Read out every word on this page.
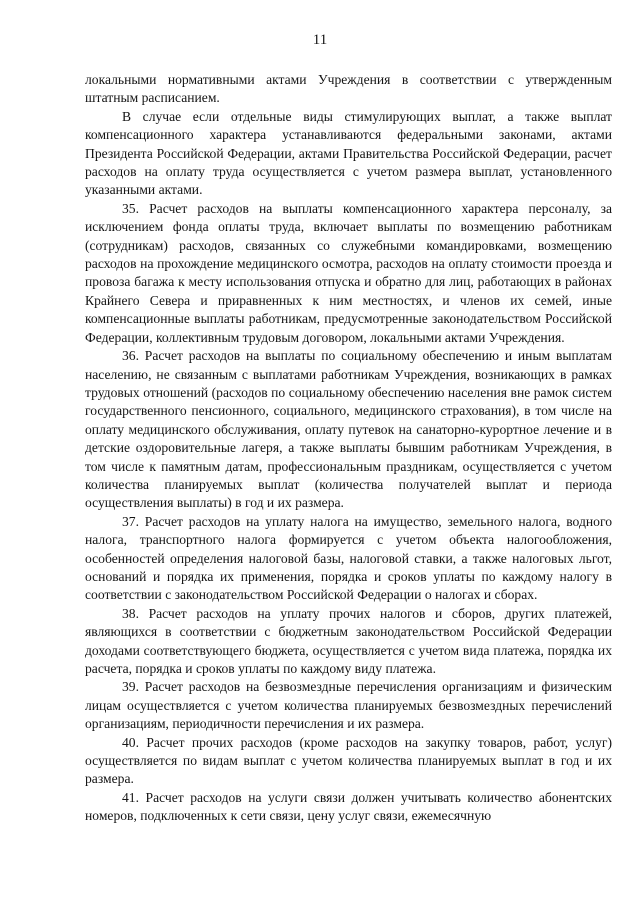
11

локальными нормативными актами Учреждения в соответствии с утвержденным штатным расписанием.

В случае если отдельные виды стимулирующих выплат, а также выплат компенсационного характера устанавливаются федеральными законами, актами Президента Российской Федерации, актами Правительства Российской Федерации, расчет расходов на оплату труда осуществляется с учетом размера выплат, установленного указанными актами.

35. Расчет расходов на выплаты компенсационного характера персоналу, за исключением фонда оплаты труда, включает выплаты по возмещению работникам (сотрудникам) расходов, связанных со служебными командировками, возмещению расходов на прохождение медицинского осмотра, расходов на оплату стоимости проезда и провоза багажа к месту использования отпуска и обратно для лиц, работающих в районах Крайнего Севера и приравненных к ним местностях, и членов их семей, иные компенсационные выплаты работникам, предусмотренные законодательством Российской Федерации, коллективным трудовым договором, локальными актами Учреждения.

36. Расчет расходов на выплаты по социальному обеспечению и иным выплатам населению, не связанным с выплатами работникам Учреждения, возникающих в рамках трудовых отношений (расходов по социальному обеспечению населения вне рамок систем государственного пенсионного, социального, медицинского страхования), в том числе на оплату медицинского обслуживания, оплату путевок на санаторно-курортное лечение и в детские оздоровительные лагеря, а также выплаты бывшим работникам Учреждения, в том числе к памятным датам, профессиональным праздникам, осуществляется с учетом количества планируемых выплат (количества получателей выплат и периода осуществления выплаты) в год и их размера.

37. Расчет расходов на уплату налога на имущество, земельного налога, водного налога, транспортного налога формируется с учетом объекта налогообложения, особенностей определения налоговой базы, налоговой ставки, а также налоговых льгот, оснований и порядка их применения, порядка и сроков уплаты по каждому налогу в соответствии с законодательством Российской Федерации о налогах и сборах.

38. Расчет расходов на уплату прочих налогов и сборов, других платежей, являющихся в соответствии с бюджетным законодательством Российской Федерации доходами соответствующего бюджета, осуществляется с учетом вида платежа, порядка их расчета, порядка и сроков уплаты по каждому виду платежа.

39. Расчет расходов на безвозмездные перечисления организациям и физическим лицам осуществляется с учетом количества планируемых безвозмездных перечислений организациям, периодичности перечисления и их размера.

40. Расчет прочих расходов (кроме расходов на закупку товаров, работ, услуг) осуществляется по видам выплат с учетом количества планируемых выплат в год и их размера.

41. Расчет расходов на услуги связи должен учитывать количество абонентских номеров, подключенных к сети связи, цену услуг связи, ежемесячную
